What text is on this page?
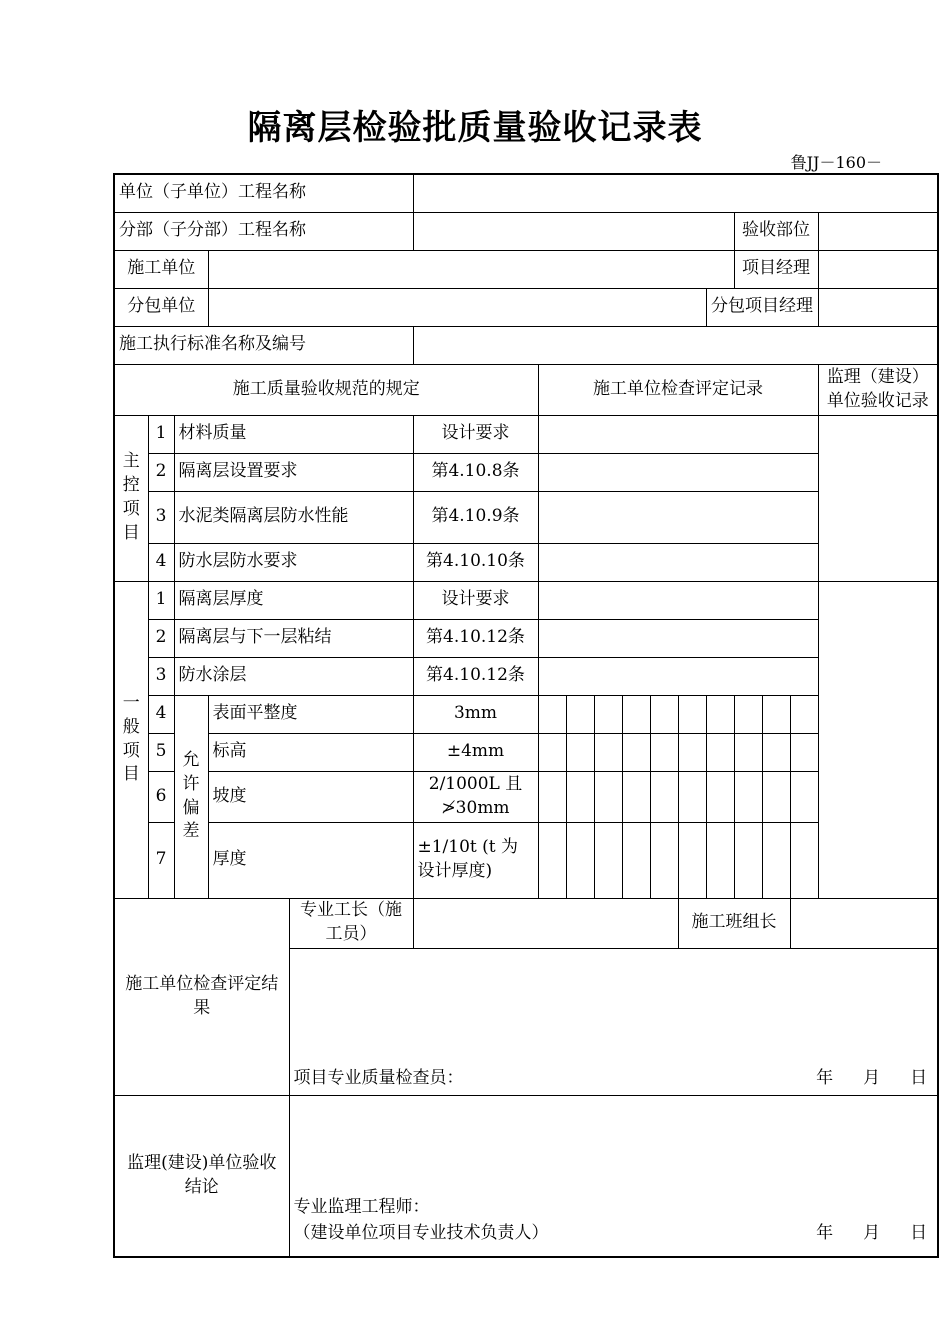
隔离层检验批质量验收记录表
鲁JJ－160－
单位（子单位）工程名称																
分部（子分部）工程名称													验收部位			
施工单位													项目经理			
分包单位												分包项目经理				
施工执行标准名称及编号																
施工质量验收规范的规定						施工单位检查评定记录										监理（建设）单位验收记录
主控项目	1	材料质量			设计要求											
	2	隔离层设置要求			第4.10.8条											
	3	水泥类隔离层防水性能			第4.10.9条											
	4	防水层防水要求			第4.10.10条											
一般项目	1	隔离层厚度			设计要求											
	2	隔离层与下一层粘结			第4.10.12条											
	3	防水涂层			第4.10.12条											
	4	允许偏差	表面平整度		3mm											
	5		标高		±4mm											
	6		坡度		2/1000L 且≯30mm											
	7		厚度		±1/10t (t 为设计厚度)											
施工单位检查评定结果				专业工长（施工员）							施工班组长					

				项目专业质量检查员： 年 月 日												

监理(建设)单位验收结论				专业监理工程师：
（建设单位项目专业技术负责人） 年 月 日												
